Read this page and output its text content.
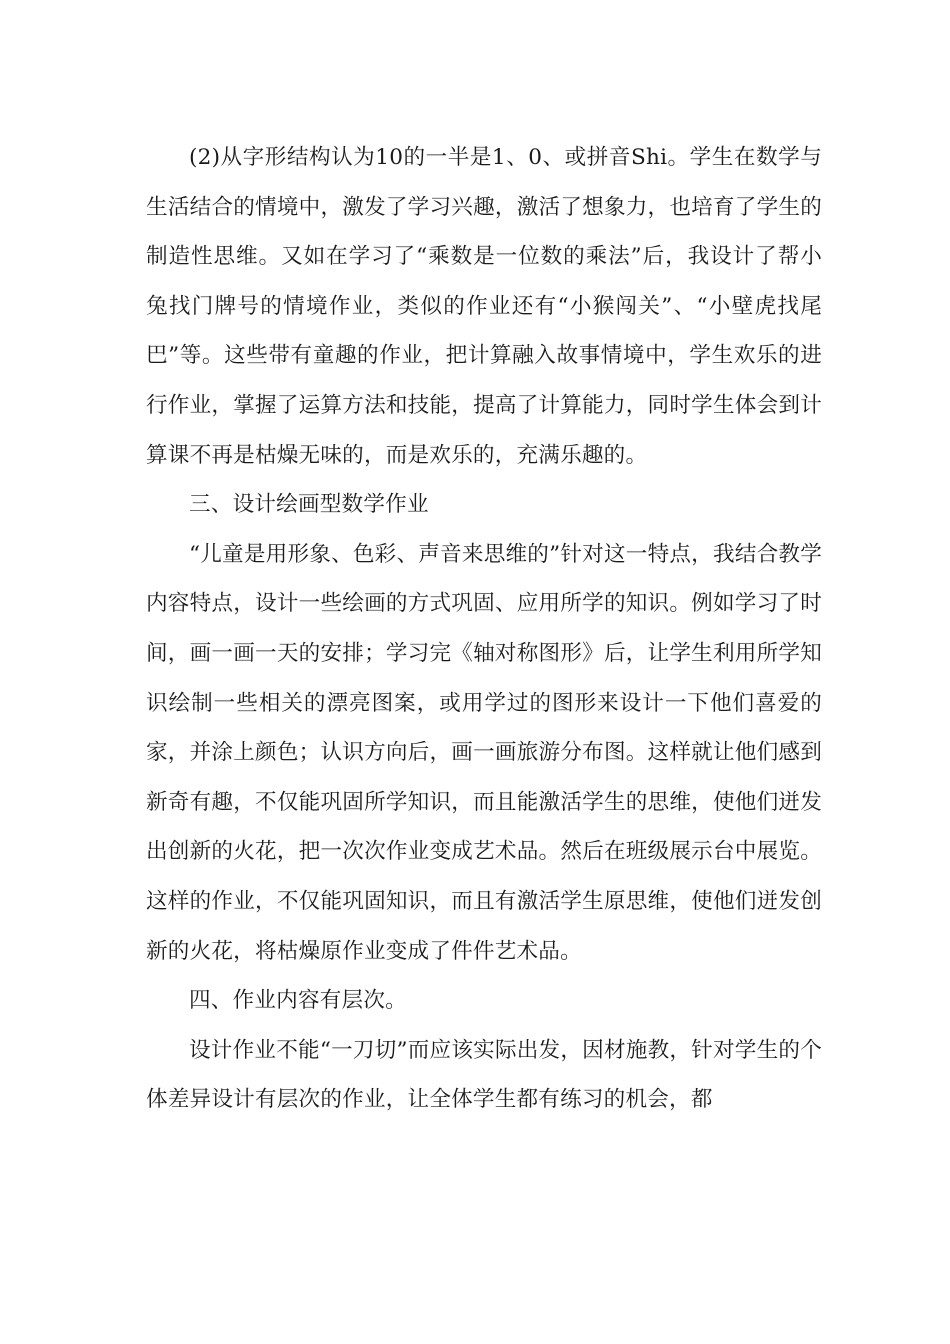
(2)从字形结构认为10的一半是1、0、或拼音Shi。学生在数学与生活结合的情境中，激发了学习兴趣，激活了想象力，也培育了学生的制造性思维。又如在学习了“乘数是一位数的乘法”后，我设计了帮小兔找门牌号的情境作业，类似的作业还有“小猴闯关”、“小壁虎找尾巴”等。这些带有童趣的作业，把计算融入故事情境中，学生欢乐的进行作业，掌握了运算方法和技能，提高了计算能力，同时学生体会到计算课不再是枯燥无味的，而是欢乐的，充满乐趣的。

三、设计绘画型数学作业

“儿童是用形象、色彩、声音来思维的”针对这一特点，我结合教学内容特点，设计一些绘画的方式巩固、应用所学的知识。例如学习了时间，画一画一天的安排；学习完《轴对称图形》后，让学生利用所学知识绘制一些相关的漂亮图案，或用学过的图形来设计一下他们喜爱的家，并涂上颜色；认识方向后，画一画旅游分布图。这样就让他们感到新奇有趣，不仅能巩固所学知识，而且能激活学生的思维，使他们迸发出创新的火花，把一次次作业变成艺术品。然后在班级展示台中展览。这样的作业，不仅能巩固知识，而且有激活学生原思维，使他们迸发创新的火花，将枯燥原作业变成了件件艺术品。

四、作业内容有层次。

设计作业不能“一刀切”而应该实际出发，因材施教，针对学生的个体差异设计有层次的作业，让全体学生都有练习的机会，都
